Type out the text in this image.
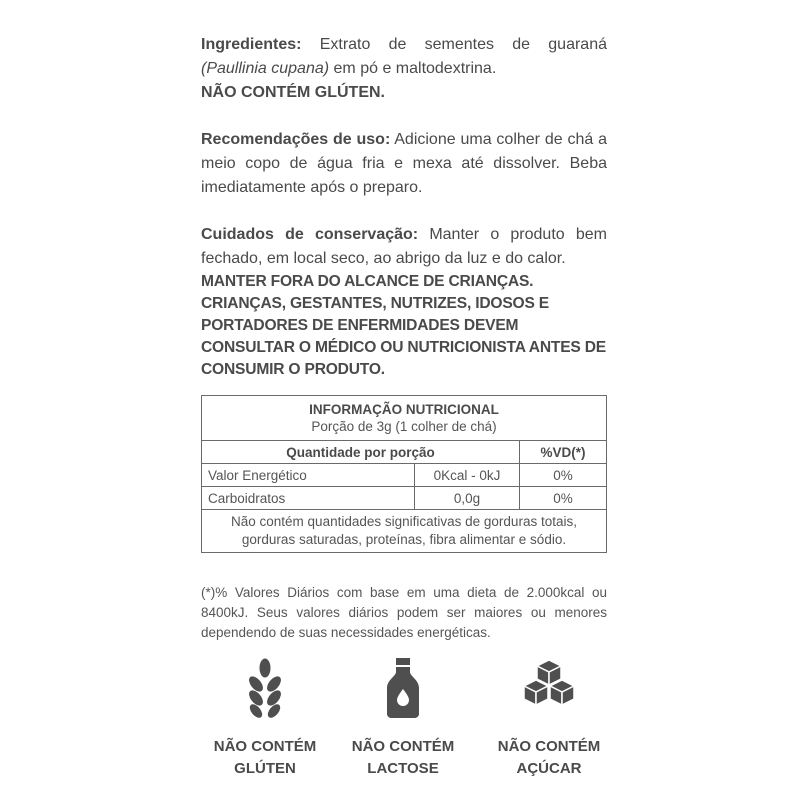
Ingredientes: Extrato de sementes de guaraná (Paullinia cupana) em pó e maltodextrina.

NÃO CONTÉM GLÚTEN.

Recomendações de uso: Adicione uma colher de chá a meio copo de água fria e mexa até dissolver. Beba imediatamente após o preparo.

Cuidados de conservação: Manter o produto bem fechado, em local seco, ao abrigo da luz e do calor.

MANTER FORA DO ALCANCE DE CRIANÇAS. CRIANÇAS, GESTANTES, NUTRIZES, IDOSOS E PORTADORES DE ENFERMIDADES DEVEM CONSULTAR O MÉDICO OU NUTRICIONISTA ANTES DE CONSUMIR O PRODUTO.

INFORMAÇÃO NUTRICIONAL
Porção de 3g (1 colher de chá)		
Quantidade por porção		%VD(*)
Valor Energético	0Kcal - 0kJ	0%
Carboidratos	0,0g	0%
Não contém quantidades significativas de gorduras totais, gorduras saturadas, proteínas, fibra alimentar e sódio.		
(*)% Valores Diários com base em uma dieta de 2.000kcal ou 8400kJ. Seus valores diários podem ser maiores ou menores dependendo de suas necessidades energéticas.
NÃO CONTÉM
GLÚTEN
NÃO CONTÉM
LACTOSE
NÃO CONTÉM
AÇÚCAR
